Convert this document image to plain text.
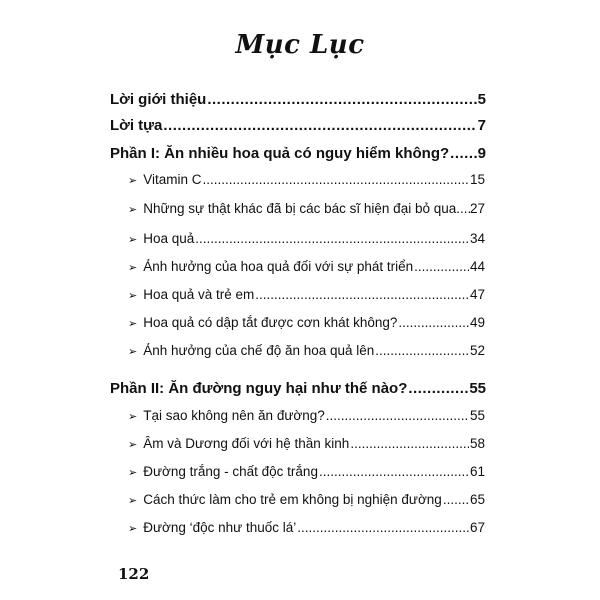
Mục Lục
Lời giới thiệu .....	5
Lời tựa .....	7
Phần I: Ăn nhiều hoa quả có nguy hiểm không? ..... 9
➢ Vitamin C .....	15
➢ Những sự thật khác đã bị các bác sĩ hiện đại bỏ qua ..... 27
➢ Hoa quả .....	34
➢ Ảnh hưởng của hoa quả đối với sự phát triển .....	44
➢ Hoa quả và trẻ em .....	47
➢ Hoa quả có dập tắt được cơn khát không? .....	49
➢ Ảnh hưởng của chế độ ăn hoa quả lên .....	52
Phần II: Ăn đường nguy hại như thế nào? .....	55
➢ Tại sao không nên ăn đường? .....	55
➢ Âm và Dương đối với hệ thần kinh .....	58
➢ Đường trắng - chất độc trắng .....	61
➢ Cách thức làm cho trẻ em không bị nghiện đường ..... 65
➢ Đường ‘độc như thuốc lá’ .....	67
122
